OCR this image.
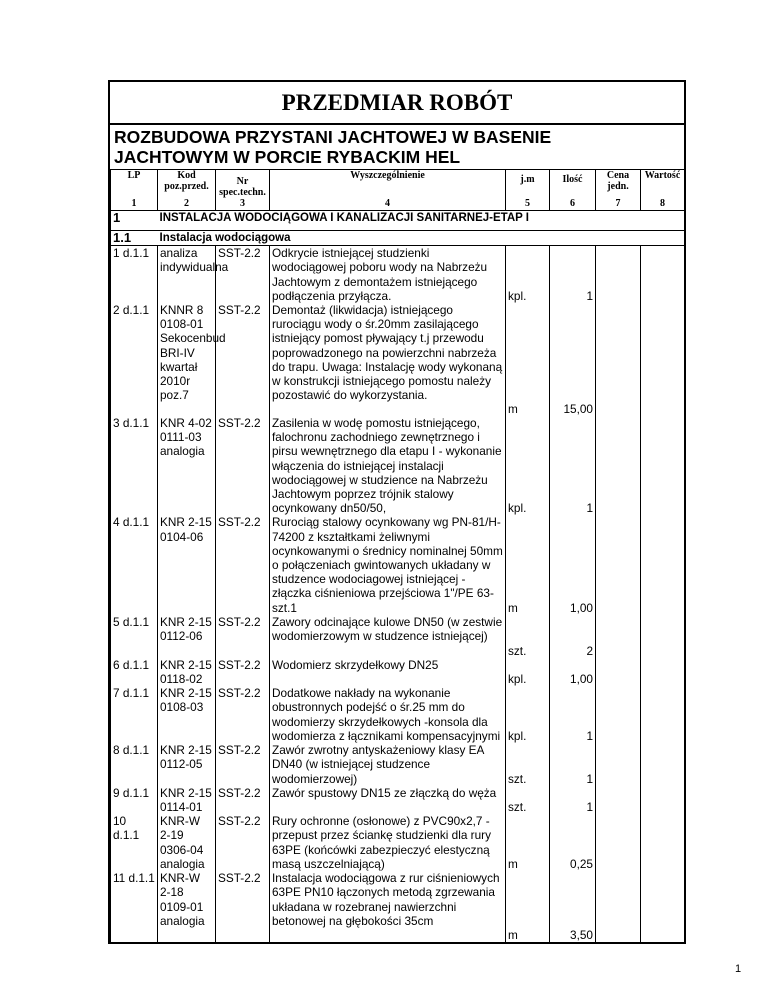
PRZEDMIAR ROBÓT
ROZBUDOWA PRZYSTANI JACHTOWEJ W BASENIE
JACHTOWYM W PORCIE RYBACKIM HEL
LP	Kod poz.przed.	Nr spec.techn.	Wyszczególnienie	j.m	Ilość	Cena jedn.	Wartość
1	2	3	4	5	6	7	8
1	INSTALACJA WODOCIĄGOWA I KANALIZACJI SANITARNEJ-ETAP I						
1.1	Instalacja wodociągowa						
1 d.1.1	analiza indywidualna	SST-2.2	Odkrycie istniejącej studzienki wodociągowej poboru wody na Nabrzeżu Jachtowym z demontażem istniejącego podłączenia przyłącza.	kpl.	1		
2 d.1.1	KNNR 8 0108-01 Sekocenbud BRI-IV kwartał 2010r poz.7	SST-2.2	Demontaż (likwidacja) istniejącego rurociągu wody o śr.20mm zasilającego istniejący pomost pływający t.j przewodu poprowadzonego na powierzchni nabrzeża do trapu. Uwaga: Instalację wody wykonaną w konstrukcji istniejącego pomostu należy pozostawić do wykorzystania.	m	15,00		
3 d.1.1	KNR 4-02 0111-03 analogia	SST-2.2	Zasilenia w wodę pomostu istniejącego, falochronu zachodniego zewnętrznego i pirsu wewnętrznego dla etapu I - wykonanie włączenia do istniejącej instalacji wodociągowej w studzience na Nabrzeżu Jachtowym poprzez trójnik stalowy ocynkowany dn50/50,	kpl.	1		
4 d.1.1	KNR 2-15 0104-06	SST-2.2	Rurociąg stalowy ocynkowany wg PN-81/H-74200 z kształtkami żeliwnymi ocynkowanymi o średnicy nominalnej 50mm o połączeniach gwintowanych układany w studzence wodociagowej istniejącej -złączka ciśnieniowa przejściowa 1"/PE 63-szt.1	m	1,00		
5 d.1.1	KNR 2-15 0112-06	SST-2.2	Zawory odcinające kulowe DN50 (w zestwie wodomierzowym w studzence istniejącej)	szt.	2		
6 d.1.1	KNR 2-15 0118-02	SST-2.2	Wodomierz skrzydełkowy DN25	kpl.	1,00		
7 d.1.1	KNR 2-15 0108-03	SST-2.2	Dodatkowe nakłady na wykonanie obustronnych podejść o śr.25 mm do wodomierzy skrzydełkowych -konsola dla wodomierza z łącznikami kompensacyjnymi	kpl.	1		
8 d.1.1	KNR 2-15 0112-05	SST-2.2	Zawór zwrotny antyskażeniowy klasy EA DN40 (w istniejącej studzence wodomierzowej)	szt.	1		
9 d.1.1	KNR 2-15 0114-01	SST-2.2	Zawór spustowy DN15 ze złączką do węża	szt.	1		
10 d.1.1	KNR-W 2-19 0306-04 analogia	SST-2.2	Rury ochronne (osłonowe) z PVC90x2,7 -przepust przez ściankę studzienki dla rury 63PE (końcówki zabezpieczyć elestyczną masą uszczelniającą)	m	0,25		
11 d.1.1	KNR-W 2-18 0109-01 analogia	SST-2.2	Instalacja wodociągowa z rur ciśnieniowych 63PE PN10 łączonych metodą zgrzewania układana w rozebranej nawierzchni betonowej na głębokości 35cm	m	3,50		
1
